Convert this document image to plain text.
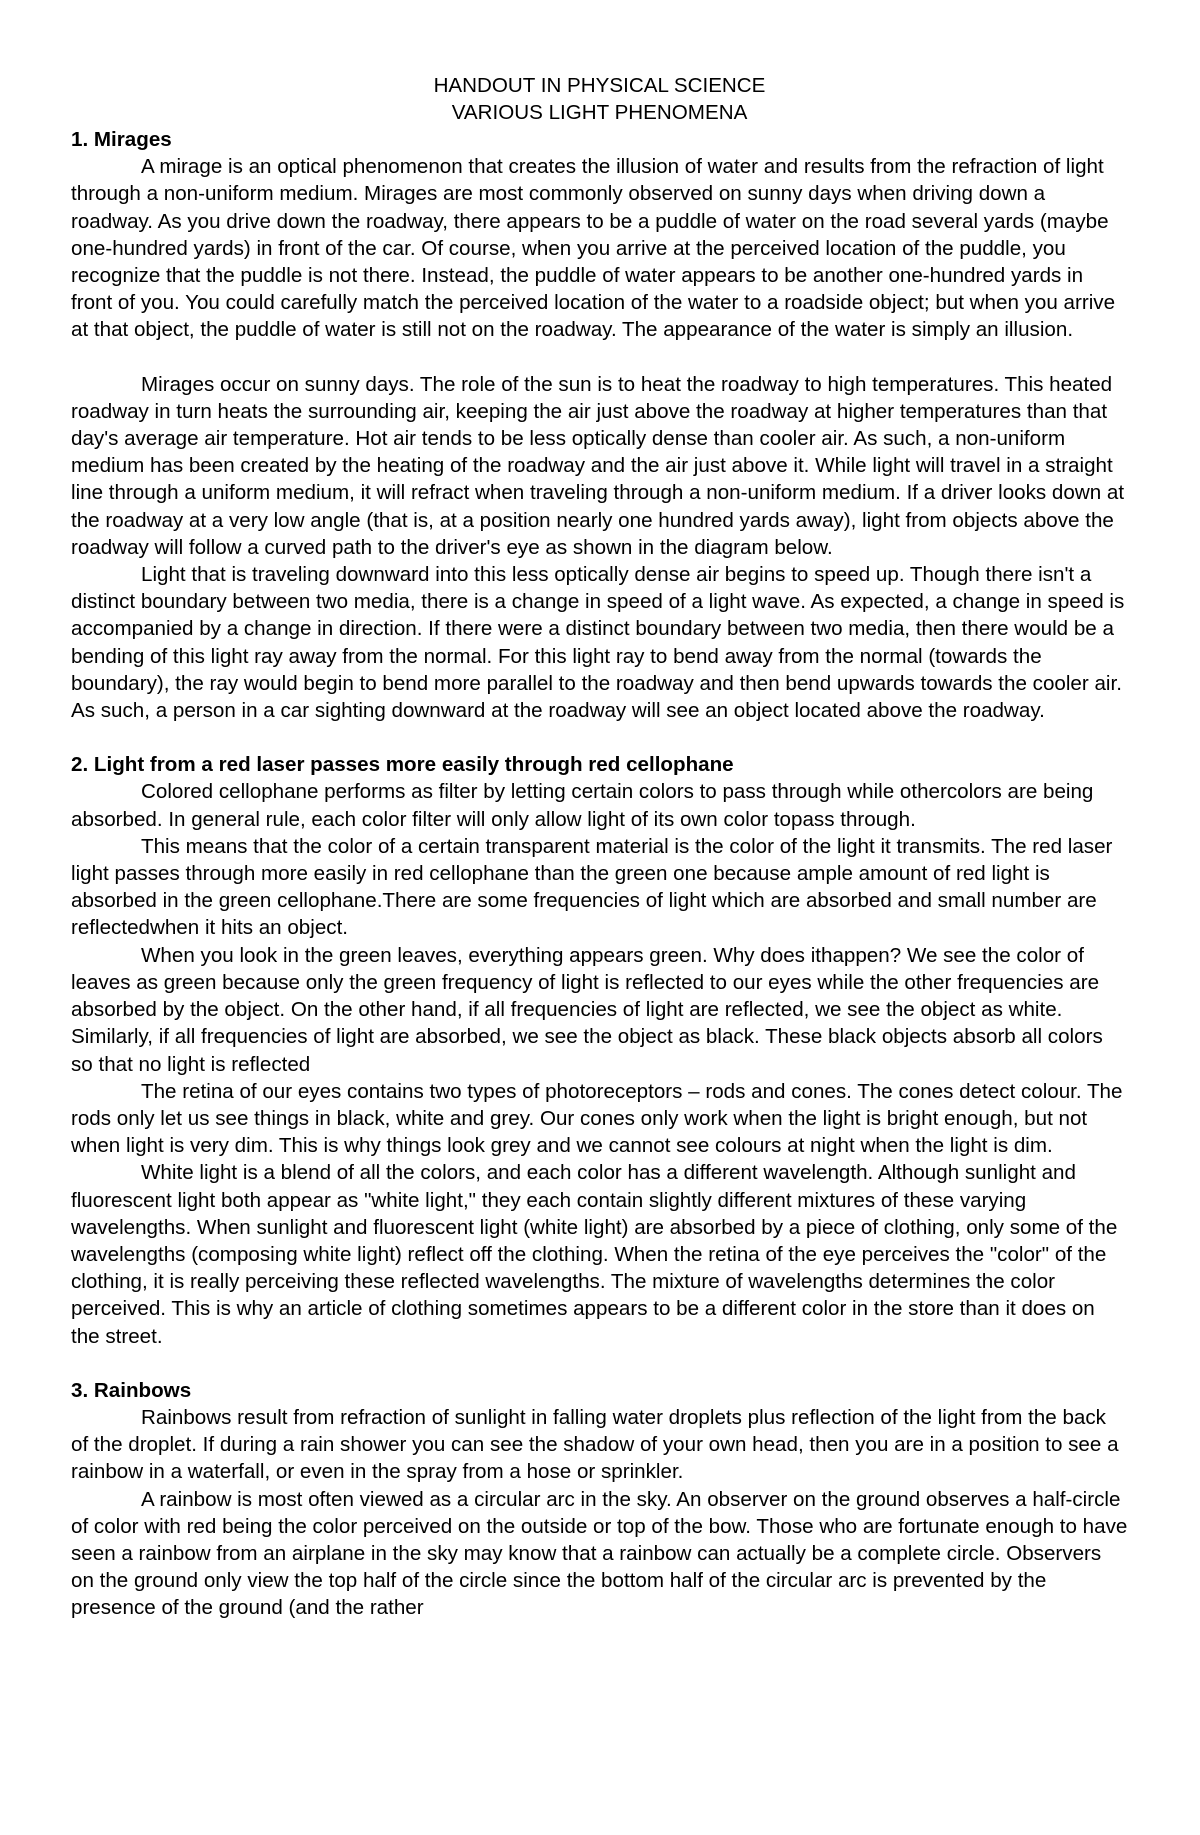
HANDOUT IN PHYSICAL SCIENCE
VARIOUS LIGHT PHENOMENA
1. Mirages

A mirage is an optical phenomenon that creates the illusion of water and results from the refraction of light through a non-uniform medium. Mirages are most commonly observed on sunny days when driving down a roadway. As you drive down the roadway, there appears to be a puddle of water on the road several yards (maybe one-hundred yards) in front of the car. Of course, when you arrive at the perceived location of the puddle, you recognize that the puddle is not there. Instead, the puddle of water appears to be another one-hundred yards in front of you. You could carefully match the perceived location of the water to a roadside object; but when you arrive at that object, the puddle of water is still not on the roadway. The appearance of the water is simply an illusion.

Mirages occur on sunny days. The role of the sun is to heat the roadway to high temperatures. This heated roadway in turn heats the surrounding air, keeping the air just above the roadway at higher temperatures than that day's average air temperature. Hot air tends to be less optically dense than cooler air. As such, a non-uniform medium has been created by the heating of the roadway and the air just above it. While light will travel in a straight line through a uniform medium, it will refract when traveling through a non-uniform medium. If a driver looks down at the roadway at a very low angle (that is, at a position nearly one hundred yards away), light from objects above the roadway will follow a curved path to the driver's eye as shown in the diagram below.

Light that is traveling downward into this less optically dense air begins to speed up. Though there isn't a distinct boundary between two media, there is a change in speed of a light wave. As expected, a change in speed is accompanied by a change in direction. If there were a distinct boundary between two media, then there would be a bending of this light ray away from the normal. For this light ray to bend away from the normal (towards the boundary), the ray would begin to bend more parallel to the roadway and then bend upwards towards the cooler air. As such, a person in a car sighting downward at the roadway will see an object located above the roadway.

2. Light from a red laser passes more easily through red cellophane

Colored cellophane performs as filter by letting certain colors to pass through while othercolors are being absorbed. In general rule, each color filter will only allow light of its own color topass through.

This means that the color of a certain transparent material is the color of the light it transmits. The red laser light passes through more easily in red cellophane than the green one because ample amount of red light is absorbed in the green cellophane.There are some frequencies of light which are absorbed and small number are reflectedwhen it hits an object.

When you look in the green leaves, everything appears green. Why does ithappen? We see the color of leaves as green because only the green frequency of light is reflected to our eyes while the other frequencies are absorbed by the object. On the other hand, if all frequencies of light are reflected, we see the object as white. Similarly, if all frequencies of light are absorbed, we see the object as black. These black objects absorb all colors so that no light is reflected

The retina of our eyes contains two types of photoreceptors – rods and cones. The cones detect colour. The rods only let us see things in black, white and grey. Our cones only work when the light is bright enough, but not when light is very dim. This is why things look grey and we cannot see colours at night when the light is dim.

White light is a blend of all the colors, and each color has a different wavelength. Although sunlight and fluorescent light both appear as "white light," they each contain slightly different mixtures of these varying wavelengths. When sunlight and fluorescent light (white light) are absorbed by a piece of clothing, only some of the wavelengths (composing white light) reflect off the clothing. When the retina of the eye perceives the "color" of the clothing, it is really perceiving these reflected wavelengths. The mixture of wavelengths determines the color perceived. This is why an article of clothing sometimes appears to be a different color in the store than it does on the street.

3. Rainbows

Rainbows result from refraction of sunlight in falling water droplets plus reflection of the light from the back of the droplet. If during a rain shower you can see the shadow of your own head, then you are in a position to see a rainbow in a waterfall, or even in the spray from a hose or sprinkler.

A rainbow is most often viewed as a circular arc in the sky. An observer on the ground observes a half-circle of color with red being the color perceived on the outside or top of the bow. Those who are fortunate enough to have seen a rainbow from an airplane in the sky may know that a rainbow can actually be a complete circle. Observers on the ground only view the top half of the circle since the bottom half of the circular arc is prevented by the presence of the ground (and the rather
